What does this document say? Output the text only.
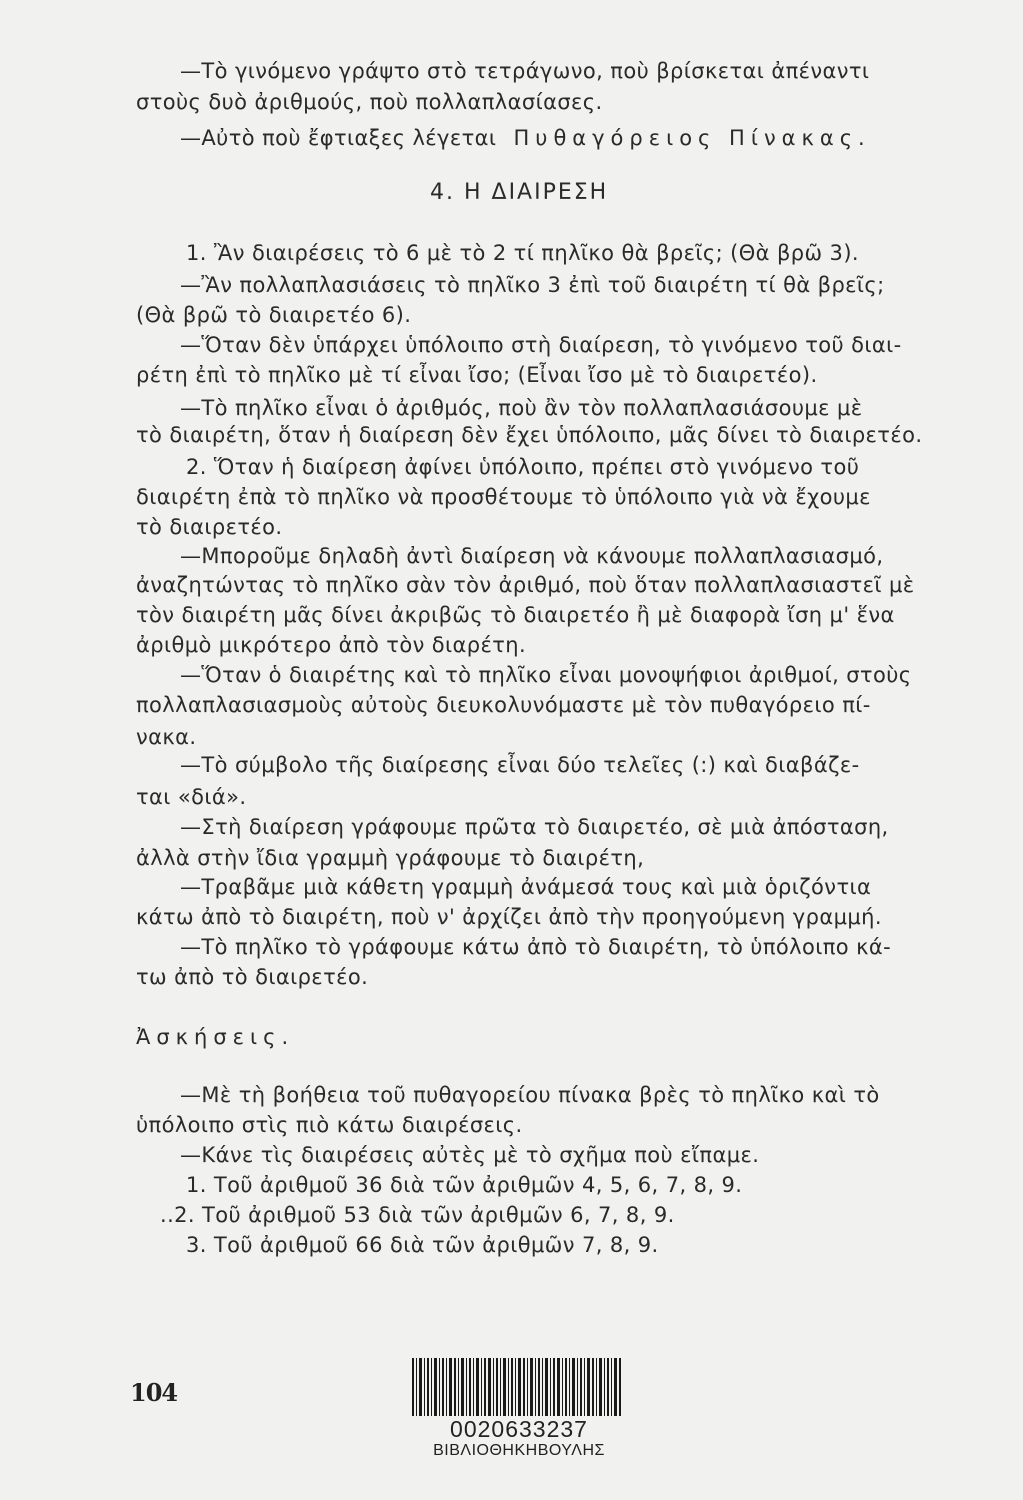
—Τὸ γινόμενο γράψτο στὸ τετράγωνο, ποὺ βρίσκεται ἀπέναντι
στοὺς δυὸ ἀριθμούς, ποὺ πολλαπλασίασες.
—Αὐτὸ ποὺ ἔφτιαξες λέγεται Πυθαγόρειος Πίνακας.
4. Η ΔΙΑΙΡΕΣΗ
1. Ἂν διαιρέσεις τὸ 6 μὲ τὸ 2 τί πηλῖκο θὰ βρεῖς; (Θὰ βρῶ 3).
—Ἂν πολλαπλασιάσεις τὸ πηλῖκο 3 ἐπὶ τοῦ διαιρέτη τί θὰ βρεῖς;
(Θὰ βρῶ τὸ διαιρετέο 6).
—Ὅταν δὲν ὑπάρχει ὑπόλοιπο στὴ διαίρεση, τὸ γινόμενο τοῦ διαι-
ρέτη ἐπὶ τὸ πηλῖκο μὲ τί εἶναι ἴσο; (Εἶναι ἴσο μὲ τὸ διαιρετέο).
—Τὸ πηλῖκο εἶναι ὁ ἀριθμός, ποὺ ἂν τὸν πολλαπλασιάσουμε μὲ
τὸ διαιρέτη, ὅταν ἡ διαίρεση δὲν ἔχει ὑπόλοιπο, μᾶς δίνει τὸ διαιρετέο.
2. Ὅταν ἡ διαίρεση ἀφίνει ὑπόλοιπο, πρέπει στὸ γινόμενο τοῦ
διαιρέτη ἐπὰ τὸ πηλῖκο νὰ προσθέτουμε τὸ ὑπόλοιπο γιὰ νὰ ἔχουμε
τὸ διαιρετέο.
—Μποροῦμε δηλαδὴ ἀντὶ διαίρεση νὰ κάνουμε πολλαπλασιασμό,
ἀναζητώντας τὸ πηλῖκο σὰν τὸν ἀριθμό, ποὺ ὅταν πολλαπλασιαστεῖ μὲ
τὸν διαιρέτη μᾶς δίνει ἀκριβῶς τὸ διαιρετέο ἢ μὲ διαφορὰ ἴση μ' ἕνα
ἀριθμὸ μικρότερο ἀπὸ τὸν διαρέτη.
—Ὅταν ὁ διαιρέτης καὶ τὸ πηλῖκο εἶναι μονοψήφιοι ἀριθμοί, στοὺς
πολλαπλασιασμοὺς αὐτοὺς διευκολυνόμαστε μὲ τὸν πυθαγόρειο πί-
νακα.
—Τὸ σύμβολο τῆς διαίρεσης εἶναι δύο τελεῖες (:) καὶ διαβάζε-
ται «διά».
—Στὴ διαίρεση γράφουμε πρῶτα τὸ διαιρετέο, σὲ μιὰ ἀπόσταση,
ἀλλὰ στὴν ἴδια γραμμὴ γράφουμε τὸ διαιρέτη,
—Τραβᾶμε μιὰ κάθετη γραμμὴ ἀνάμεσά τους καὶ μιὰ ὁριζόντια
κάτω ἀπὸ τὸ διαιρέτη, ποὺ ν' ἀρχίζει ἀπὸ τὴν προηγούμενη γραμμή.
—Τὸ πηλῖκο τὸ γράφουμε κάτω ἀπὸ τὸ διαιρέτη, τὸ ὑπόλοιπο κά-
τω ἀπὸ τὸ διαιρετέο.
Ἀσκήσεις.
—Μὲ τὴ βοήθεια τοῦ πυθαγορείου πίνακα βρὲς τὸ πηλῖκο καὶ τὸ
ὑπόλοιπο στὶς πιὸ κάτω διαιρέσεις.
—Κάνε τὶς διαιρέσεις αὐτὲς μὲ τὸ σχῆμα ποὺ εἴπαμε.
1. Τοῦ ἀριθμοῦ 36 διὰ τῶν ἀριθμῶν 4, 5, 6, 7, 8, 9.
..2. Τοῦ ἀριθμοῦ 53 διὰ τῶν ἀριθμῶν 6, 7, 8, 9.
3. Τοῦ ἀριθμοῦ 66 διὰ τῶν ἀριθμῶν 7, 8, 9.
104
0020633237
ΒΙΒΛΙΟΘΗΚΗΒΟΥΛΗΣ
